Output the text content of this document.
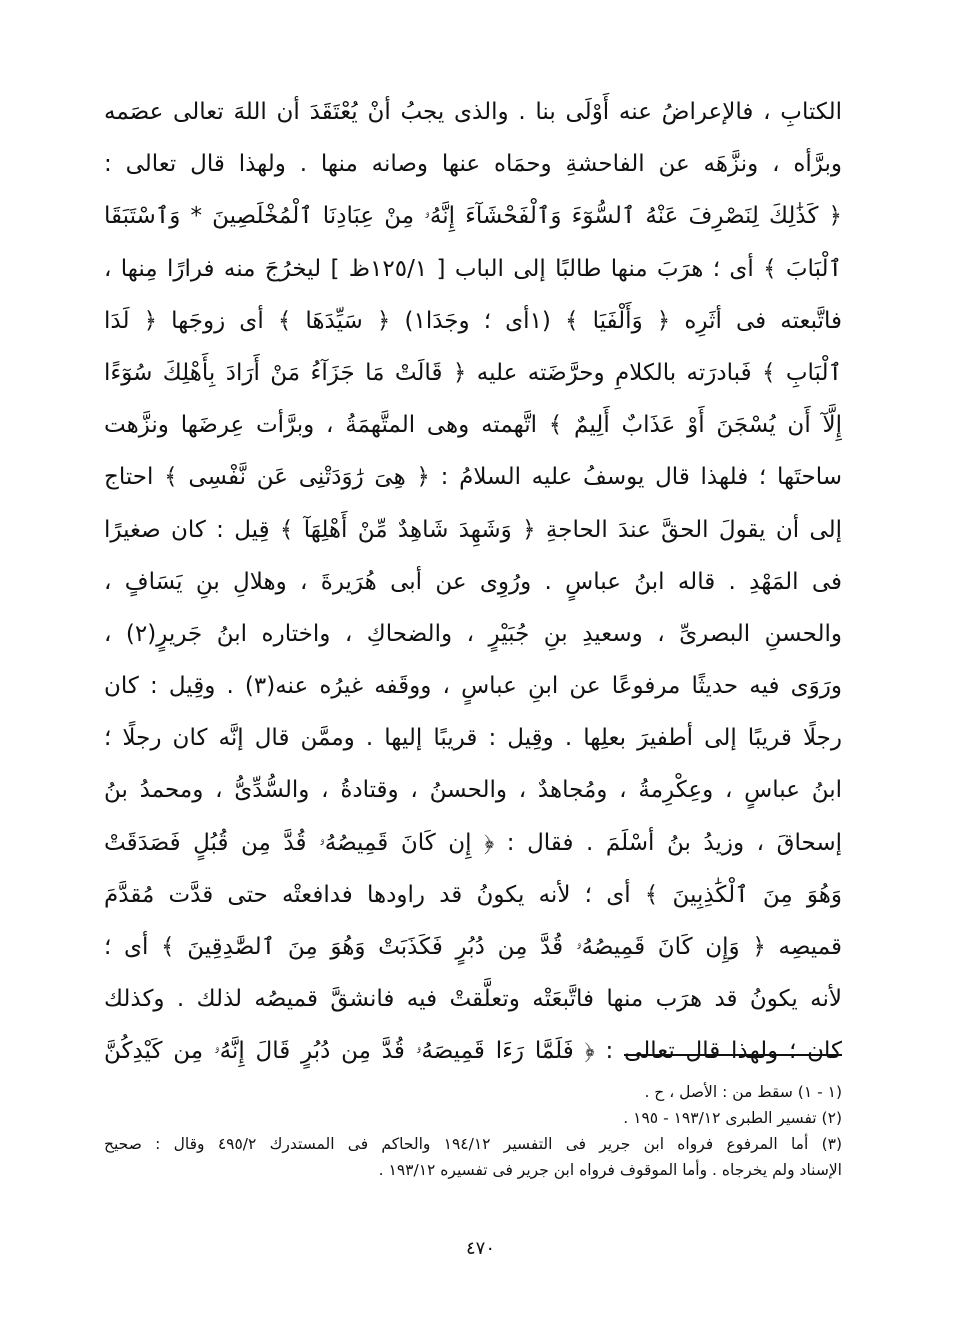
الكتابِ ، فالإعراضُ عنه أَوْلَى بنا . والذى يجبُ أنْ يُعْتَقَدَ أن اللهَ تعالى عصَمه
وبرَّأه ، ونزَّهَه عن الفاحشةِ وحمَاه عنها وصانه منها . ولهذا قال تعالى :
﴿ كَذَٰلِكَ لِنَصْرِفَ عَنْهُ ٱلسُّوٓءَ وَٱلْفَحْشَآءَ إِنَّهُۥ مِنْ عِبَادِنَا ٱلْمُخْلَصِينَ * وَٱسْتَبَقَا
ٱلْبَابَ ﴾ أى ؛ هرَبَ منها طالبًا إلى الباب [ ١٢٥/١ظ ] ليخرُجَ منه فرارًا مِنها ،
فاتَّبعته فى أثَرِه ﴿ وَأَلْفَيَا ﴾ (١أى ؛ وجَدَا١) ﴿ سَيِّدَهَا ﴾ أى زوجَها ﴿ لَدَا
ٱلْبَابِ ﴾ فَبادرَته بالكلامِ وحرَّضَته عليه ﴿ قَالَتْ مَا جَزَآءُ مَنْ أَرَادَ بِأَهْلِكَ سُوٓءًا
إِلَّآ أَن يُسْجَنَ أَوْ عَذَابٌ أَلِيمٌ ﴾ اتَّهمته وهى المتَّهمَةُ ، وبرَّأت عِرضَها ونزَّهت
ساحتَها ؛ فلهذا قال يوسفُ عليه السلامُ : ﴿ هِىَ رَٰوَدَتْنِى عَن نَّفْسِى ﴾ احتاج
إلى أن يقولَ الحقَّ عندَ الحاجةِ ﴿ وَشَهِدَ شَاهِدٌ مِّنْ أَهْلِهَآ ﴾ قِيل : كان صغيرًا
فى المَهْدِ . قاله ابنُ عباسٍ . ورُوِى عن أبى هُرَيرةَ ، وهلالِ بنِ يَسَافٍ ،
والحسنِ البصرىِّ ، وسعيدِ بنِ جُبَيْرٍ ، والضحاكِ ، واختاره ابنُ جَريرٍ(٢) ،
ورَوَى فيه حديثًا مرفوعًا عن ابنِ عباسٍ ، ووقَفه غيرُه عنه(٣) . وقِيل : كان
رجلًا قريبًا إلى أطفيرَ بعلِها . وقِيل : قريبًا إليها . وممَّن قال إنَّه كان رجلًا ؛
ابنُ عباسٍ ، وعِكْرِمةُ ، ومُجاهدٌ ، والحسنُ ، وقتادةُ ، والسُّدِّىُّ ، ومحمدُ بنُ
إسحاقَ ، وزيدُ بنُ أسْلَمَ . فقال : ﴿ إِن كَانَ قَمِيصُهُۥ قُدَّ مِن قُبُلٍ فَصَدَقَتْ
وَهُوَ مِنَ ٱلْكَٰذِبِينَ ﴾ أى ؛ لأنه يكونُ قد راودها فدافعتْه حتى قدَّت مُقدَّمَ
قميصِه ﴿ وَإِن كَانَ قَمِيصُهُۥ قُدَّ مِن دُبُرٍ فَكَذَبَتْ وَهُوَ مِنَ ٱلصَّٰدِقِينَ ﴾ أى ؛
لأنه يكونُ قد هرَب منها فاتَّبعَتْه وتعلَّقتْ فيه فانشقَّ قميصُه لذلك . وكذلك
كان ؛ ولهذا قال تعالى : ﴿ فَلَمَّا رَءَا قَمِيصَهُۥ قُدَّ مِن دُبُرٍ قَالَ إِنَّهُۥ مِن كَيْدِكُنَّ
(١ - ١) سقط من : الأصل ، ح .
(٢) تفسير الطبرى ١٩٣/١٢ - ١٩٥ .
(٣) أما المرفوع فرواه ابن جرير فى التفسير ١٩٤/١٢ والحاكم فى المستدرك ٤٩٥/٢ وقال : صحيح
الإسناد ولم يخرجاه . وأما الموقوف فرواه ابن جرير فى تفسيره ١٩٣/١٢ .
٤٧٠
